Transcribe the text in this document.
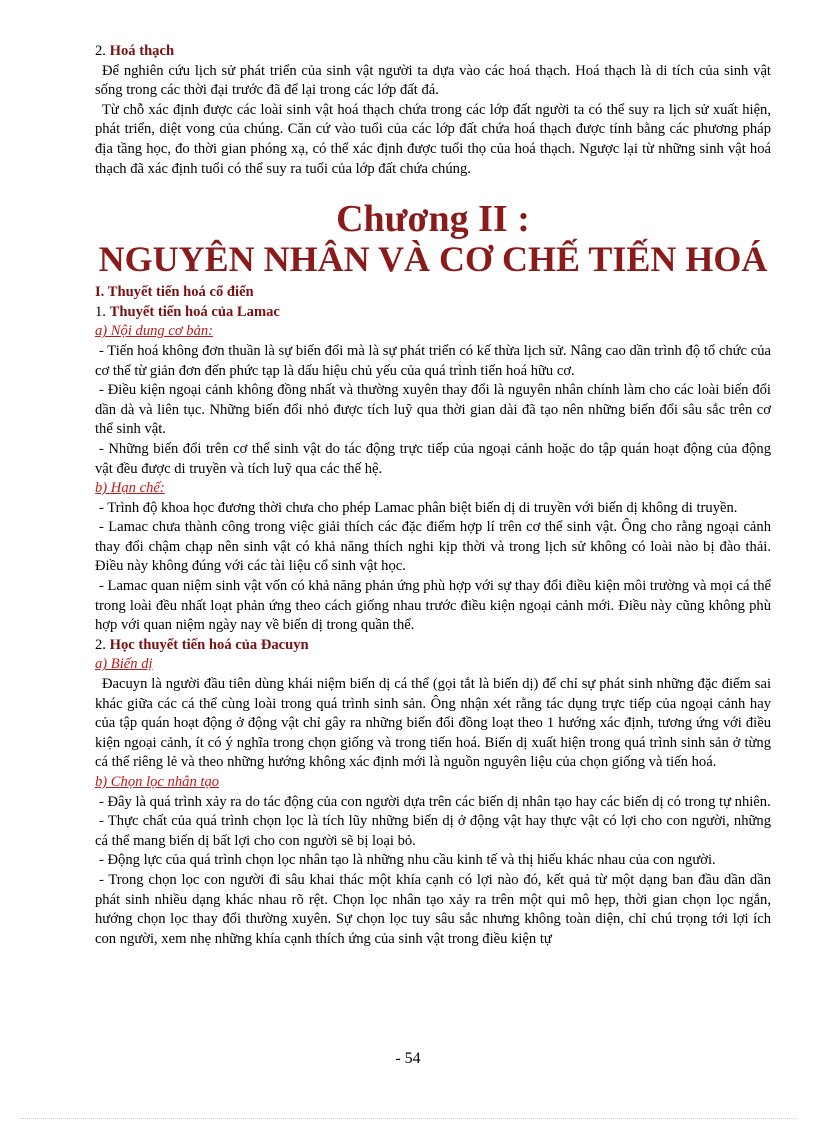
2. Hoá thạch

Để nghiên cứu lịch sử phát triển của sinh vật người ta dựa vào các hoá thạch. Hoá thạch là di tích của sinh vật sống trong các thời đại trước đã để lại trong các lớp đất đá.

Từ chỗ xác định được các loài sinh vật hoá thạch chứa trong các lớp đất người ta có thể suy ra lịch sử xuất hiện, phát triển, diệt vong của chúng. Căn cứ vào tuổi của các lớp đất chứa hoá thạch được tính bằng các phương pháp địa tầng học, đo thời gian phóng xạ, có thể xác định được tuổi thọ của hoá thạch. Ngược lại từ những sinh vật hoá thạch đã xác định tuổi có thể suy ra tuổi của lớp đất chứa chúng.

Chương II :
NGUYÊN NHÂN VÀ CƠ CHẾ TIẾN HOÁ

I. Thuyết tiến hoá cổ điển

1. Thuyết tiến hoá của Lamac

a) Nội dung cơ bản:

- Tiến hoá không đơn thuần là sự biến đổi mà là sự phát triển có kế thừa lịch sử. Nâng cao dần trình độ tổ chức của cơ thể từ giản đơn đến phức tạp là dấu hiệu chủ yếu của quá trình tiến hoá hữu cơ.

- Điều kiện ngoại cảnh không đồng nhất và thường xuyên thay đổi là nguyên nhân chính làm cho các loài biến đổi dần dà và liên tục. Những biến đổi nhỏ được tích luỹ qua thời gian dài đã tạo nên những biến đổi sâu sắc trên cơ thể sinh vật.

- Những biến đổi trên cơ thể sinh vật do tác động trực tiếp của ngoại cảnh hoặc do tập quán hoạt động của động vật đều được di truyền và tích luỹ qua các thế hệ.

b) Hạn chế:

- Trình độ khoa học đương thời chưa cho phép Lamac phân biệt biến dị di truyền với biến dị không di truyền.

- Lamac chưa thành công trong việc giải thích các đặc điểm hợp lí trên cơ thể sinh vật. Ông cho rằng ngoại cảnh thay đổi chậm chạp nên sinh vật có khả năng thích nghi kịp thời và trong lịch sử không có loài nào bị đào thải. Điều này không đúng với các tài liệu cổ sinh vật học.

- Lamac quan niệm sinh vật vốn có khả năng phản ứng phù hợp với sự thay đổi điều kiện môi trường và mọi cá thể trong loài đều nhất loạt phản ứng theo cách giống nhau trước điều kiện ngoại cảnh mới. Điều này cũng không phù hợp với quan niệm ngày nay về biến dị trong quần thể.

2. Học thuyết tiến hoá của Đacuyn

a) Biến dị

Đacuyn là người đầu tiên dùng khái niệm biến dị cá thể (gọi tắt là biến dị) để chỉ sự phát sinh những đặc điểm sai khác giữa các cá thể cùng loài trong quá trình sinh sản. Ông nhận xét rằng tác dụng trực tiếp của ngoại cảnh hay của tập quán hoạt động ở động vật chỉ gây ra những biến đổi đồng loạt theo 1 hướng xác định, tương ứng với điều kiện ngoại cảnh, ít có ý nghĩa trong chọn giống và trong tiến hoá. Biến dị xuất hiện trong quá trình sinh sản ở từng cá thể riêng lẻ và theo những hướng không xác định mới là nguồn nguyên liệu của chọn giống và tiến hoá.

b) Chọn lọc nhân tạo

- Đây là quá trình xảy ra do tác động của con người dựa trên các biến dị nhân tạo hay các biến dị có trong tự nhiên.

- Thực chất của quá trình chọn lọc là tích lũy những biến dị ở động vật hay thực vật có lợi cho con người, những cá thể mang biến dị bất lợi cho con người sẽ bị loại bỏ.

- Động lực của quá trình chọn lọc nhân tạo là những nhu cầu kinh tế và thị hiếu khác nhau của con người.

- Trong chọn lọc con người đi sâu khai thác một khía cạnh có lợi nào đó, kết quả từ một dạng ban đầu dần dần phát sinh nhiều dạng khác nhau rõ rệt. Chọn lọc nhân tạo xảy ra trên một qui mô hẹp, thời gian chọn lọc ngắn, hướng chọn lọc thay đổi thường xuyên. Sự chọn lọc tuy sâu sắc nhưng không toàn diện, chỉ chú trọng tới lợi ích con người, xem nhẹ những khía cạnh thích ứng của sinh vật trong điều kiện tự

- 54
